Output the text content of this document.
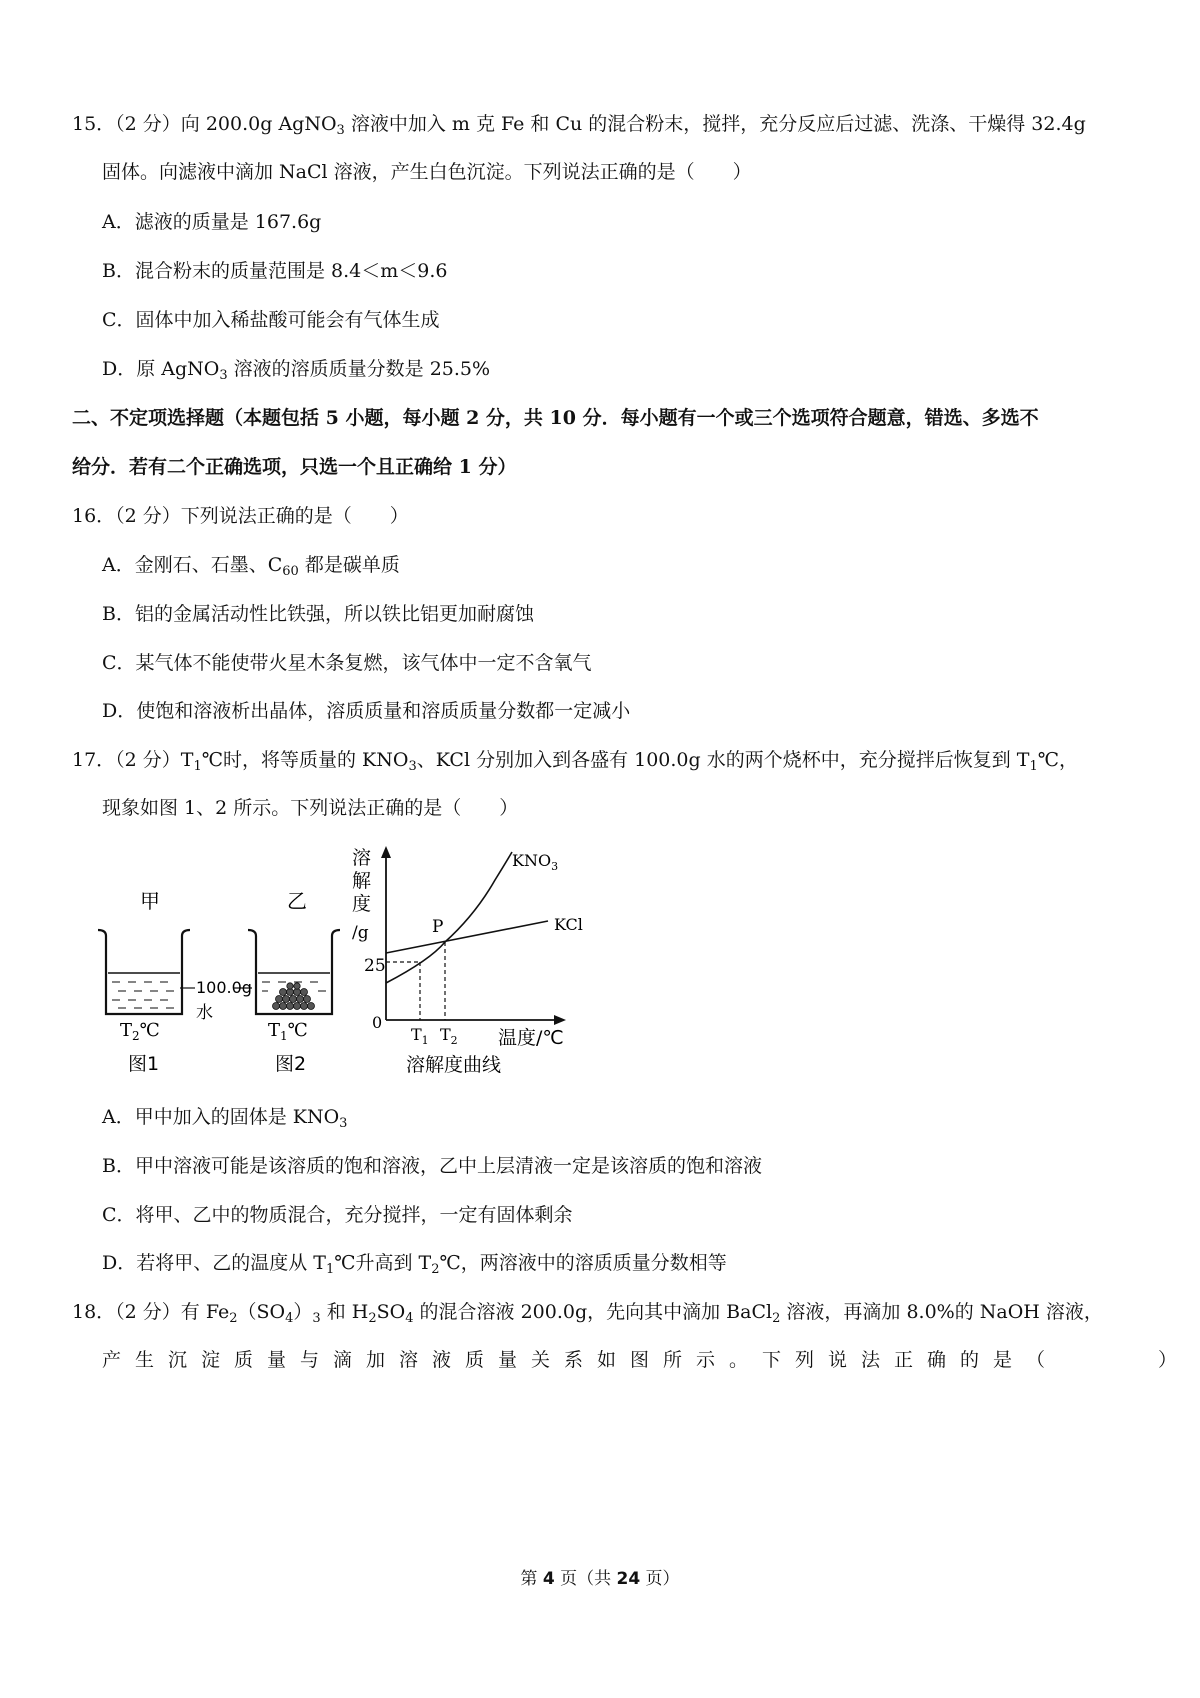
15．（2 分）向 200.0g AgNO$_3$ 溶液中加入 m 克 Fe 和 Cu 的混合粉末，搅拌，充分反应后过滤、洗涤、干燥得 32.4g
固体。向滤液中滴加 NaCl 溶液，产生白色沉淀。下列说法正确的是（　　）
A．滤液的质量是 167.6g
B．混合粉末的质量范围是 8.4＜m＜9.6
C．固体中加入稀盐酸可能会有气体生成
D．原 AgNO$_3$ 溶液的溶质质量分数是 25.5%
二、不定项选择题（本题包括 5 小题，每小题 2 分，共 10 分．每小题有一个或三个选项符合题意，错选、多选不
给分．若有二个正确选项，只选一个且正确给 1 分）
16．（2 分）下列说法正确的是（　　）
A．金刚石、石墨、$C_{60}$ 都是碳单质
B．铝的金属活动性比铁强，所以铁比铝更加耐腐蚀
C．某气体不能使带火星木条复燃，该气体中一定不含氧气
D．使饱和溶液析出晶体，溶质质量和溶质质量分数都一定减小
17．（2 分）$T_1℃$时，将等质量的 $KNO_3$、KCl 分别加入到各盛有 100.0g 水的两个烧杯中，充分搅拌后恢复到 $T_1℃$，
现象如图 1、2 所示。下列说法正确的是（　　）
甲
$T_2℃$
图1
100.0g
水
乙
$T_1℃$
图2
溶
解
度
/g
0
25
P
$KNO_3$
KCl
$T_1$ $T_2$ 温度/℃
溶解度曲线
A．甲中加入的固体是 $KNO_3$
B．甲中溶液可能是该溶质的饱和溶液，乙中上层清液一定是该溶质的饱和溶液
C．将甲、乙中的物质混合，充分搅拌，一定有固体剩余
D．若将甲、乙的温度从 $T_1℃$升高到 $T_2℃$，两溶液中的溶质质量分数相等
18．（2 分）有 $Fe_2(SO_4)_3$ 和 $H_2SO_4$ 的混合溶液 200.0g，先向其中滴加 BaCl$_2$ 溶液，再滴加 8.0%的 NaOH 溶液，
产生沉淀质量与滴加溶液质量关系如图所示。下列说法正确的是（　　　）
第 4 页（共 24 页）
